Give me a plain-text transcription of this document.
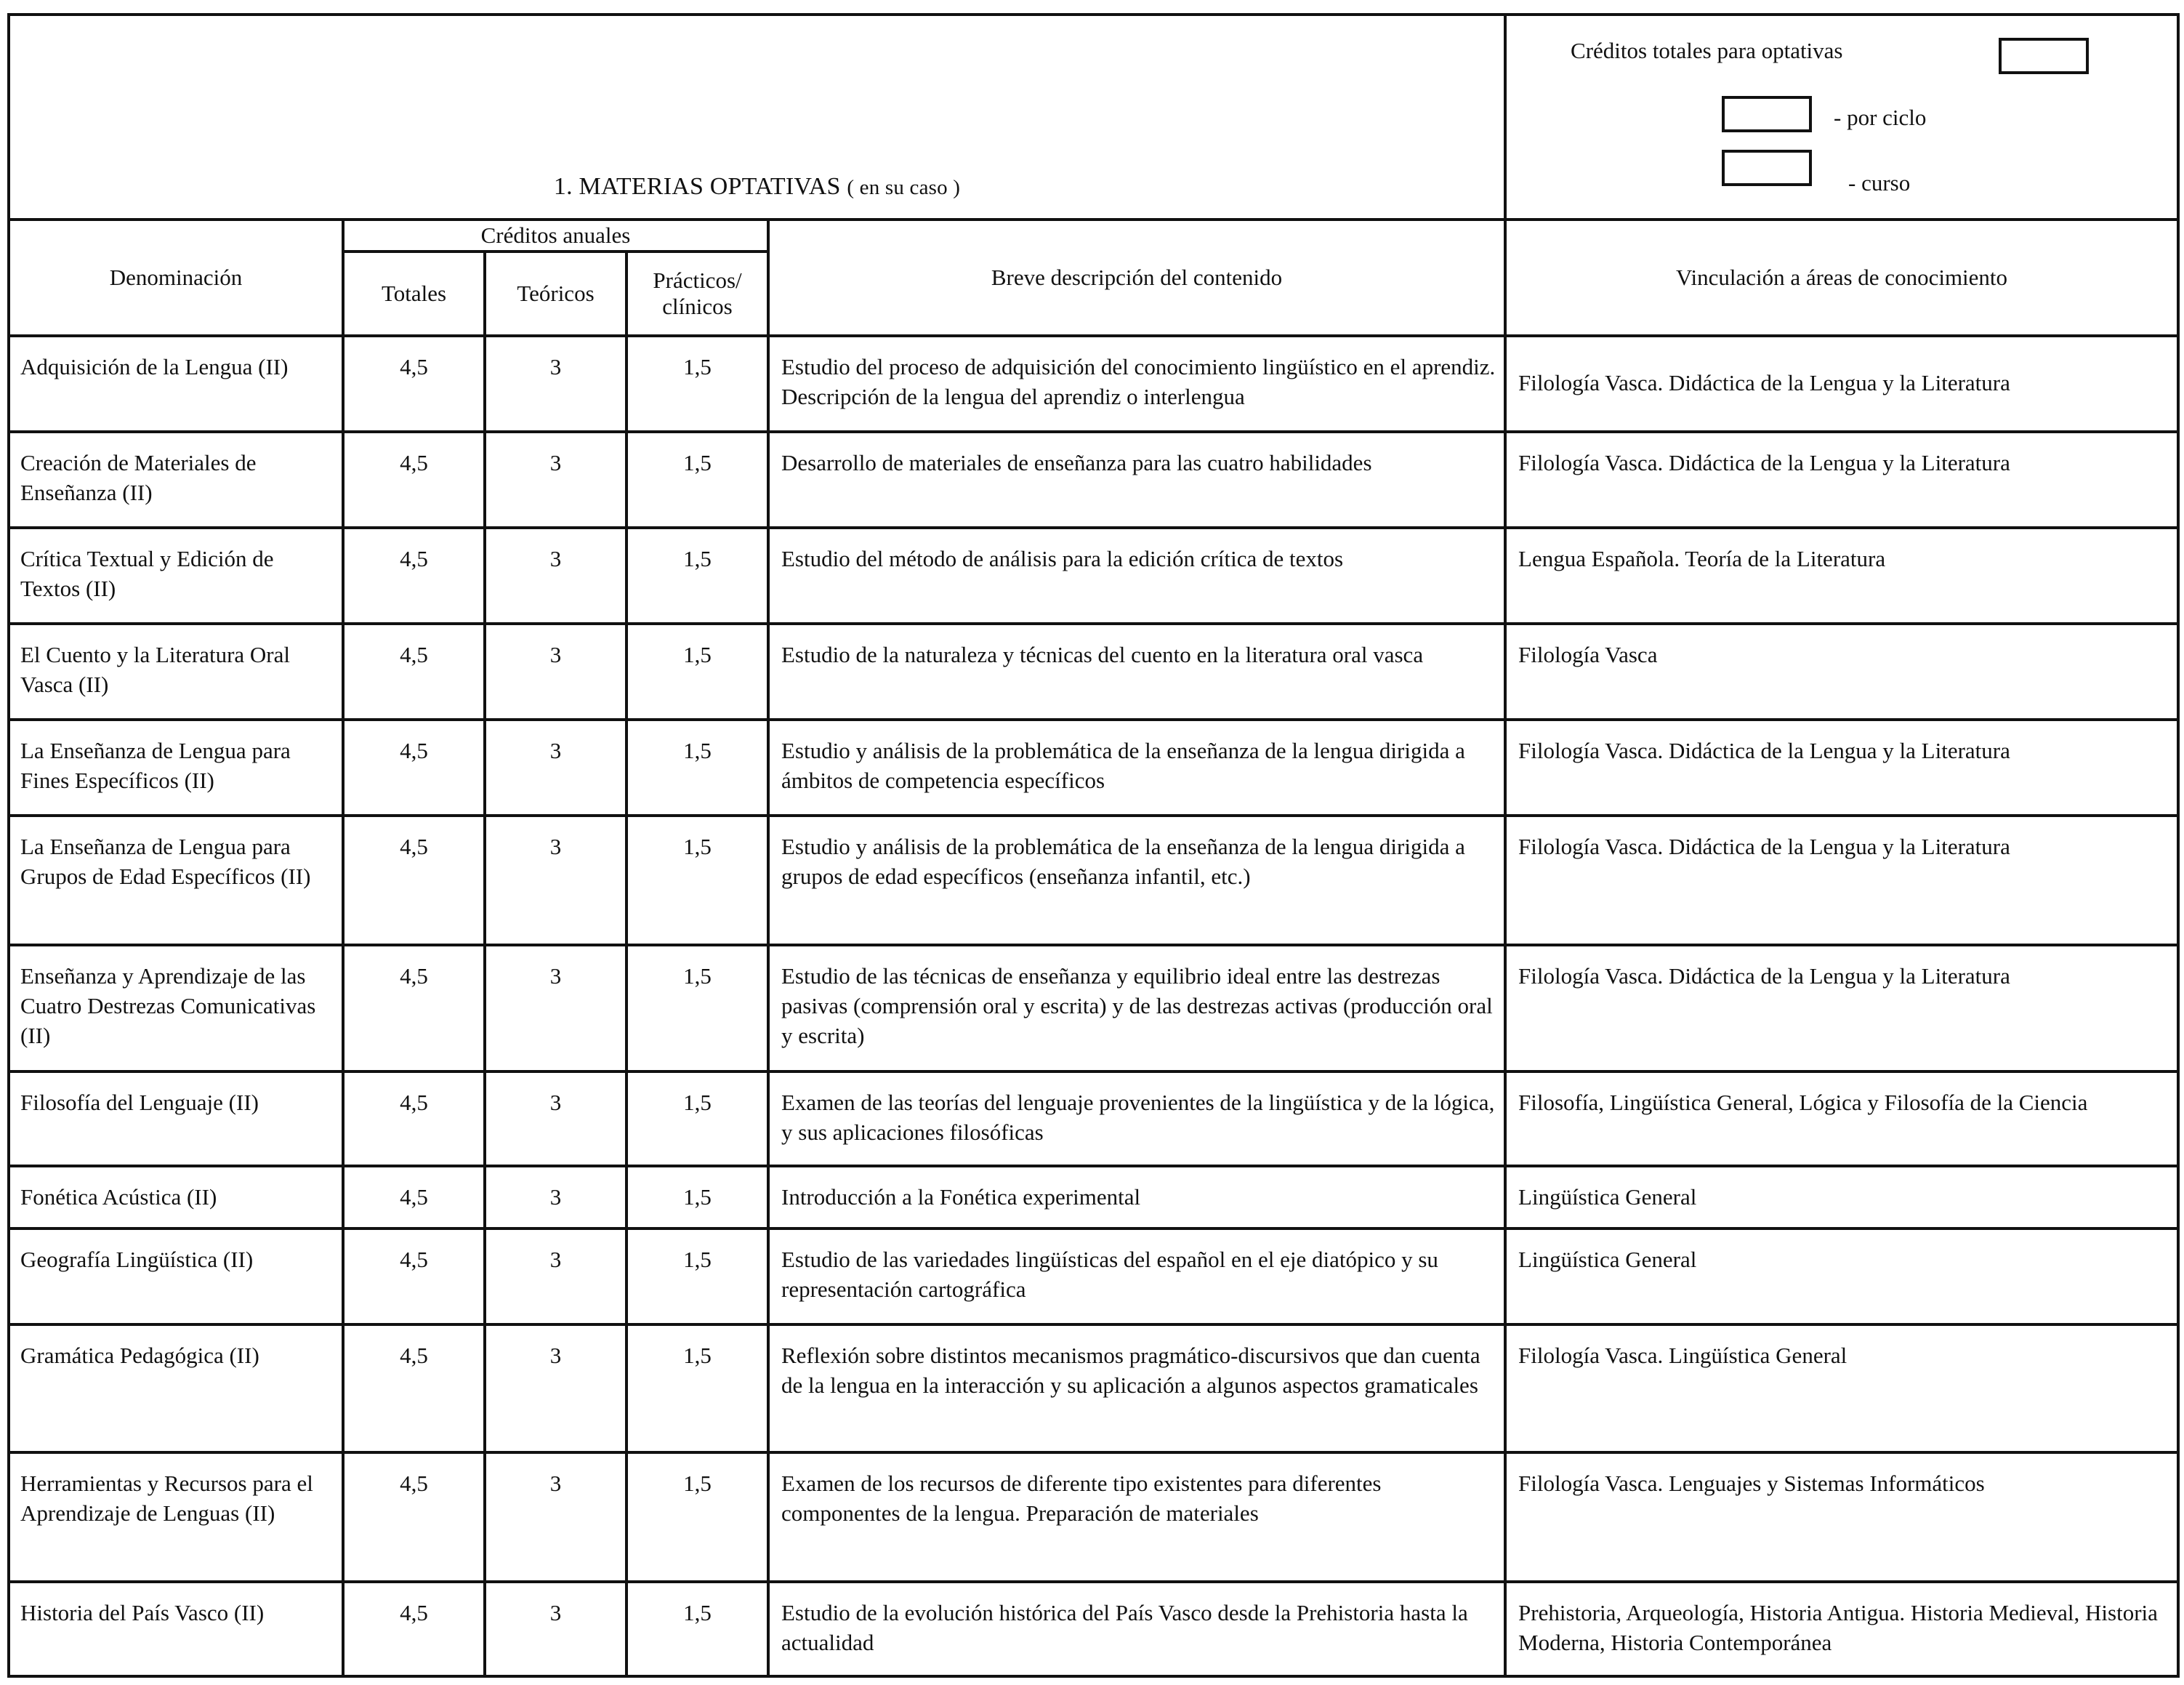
1. MATERIAS OPTATIVAS ( en su caso )					Créditos totales para optativas
- por ciclo
- curso

Denominación	Créditos anuales			Breve descripción del contenido	Vinculación a áreas de conocimiento
	Totales	Teóricos	Prácticos/ clínicos		

Adquisición de la Lengua (II)	4,5	3	1,5	Estudio del proceso de adquisición del conocimiento lingüístico en el aprendiz. Descripción de la lengua del aprendiz o interlengua	Filología Vasca. Didáctica de la Lengua y la Literatura

Creación de Materiales de Enseñanza (II)	4,5	3	1,5	Desarrollo de materiales de enseñanza para las cuatro habilidades	Filología Vasca. Didáctica de la Lengua y la Literatura

Crítica Textual y Edición de Textos (II)	4,5	3	1,5	Estudio del método de análisis para la edición crítica de textos	Lengua Española. Teoría de la Literatura

El Cuento y la Literatura Oral Vasca (II)	4,5	3	1,5	Estudio de la naturaleza y técnicas del cuento en la literatura oral vasca	Filología Vasca

La Enseñanza de Lengua para Fines Específicos (II)	4,5	3	1,5	Estudio y análisis de la problemática de la enseñanza de la lengua dirigida a ámbitos de competencia específicos	Filología Vasca. Didáctica de la Lengua y la Literatura

La Enseñanza de Lengua para Grupos de Edad Específicos (II)	4,5	3	1,5	Estudio y análisis de la problemática de la enseñanza de la lengua dirigida a grupos de edad específicos (enseñanza infantil, etc.)	Filología Vasca. Didáctica de la Lengua y la Literatura

Enseñanza y Aprendizaje de las Cuatro Destrezas Comunicativas (II)	4,5	3	1,5	Estudio de las técnicas de enseñanza y equilibrio ideal entre las destrezas pasivas (comprensión oral y escrita) y de las destrezas activas (producción oral y escrita)	Filología Vasca. Didáctica de la Lengua y la Literatura

Filosofía del Lenguaje (II)	4,5	3	1,5	Examen de las teorías del lenguaje provenientes de la lingüística y de la lógica, y sus aplicaciones filosóficas	Filosofía, Lingüística General, Lógica y Filosofía de la Ciencia

Fonética Acústica (II)	4,5	3	1,5	Introducción a la Fonética experimental	Lingüística General

Geografía Lingüística (II)	4,5	3	1,5	Estudio de las variedades lingüísticas del español en el eje diatópico y su representación cartográfica	Lingüística General

Gramática Pedagógica (II)	4,5	3	1,5	Reflexión sobre distintos mecanismos pragmático-discursivos que dan cuenta de la lengua en la interacción y su aplicación a algunos aspectos gramaticales	Filología Vasca. Lingüística General

Herramientas y Recursos para el Aprendizaje de Lenguas (II)	4,5	3	1,5	Examen de los recursos de diferente tipo existentes para diferentes componentes de la lengua. Preparación de materiales	Filología Vasca. Lenguajes y Sistemas Informáticos

Historia del País Vasco (II)	4,5	3	1,5	Estudio de la evolución histórica del País Vasco desde la Prehistoria hasta la actualidad	Prehistoria, Arqueología, Historia Antigua. Historia Medieval, Historia Moderna, Historia Contemporánea
